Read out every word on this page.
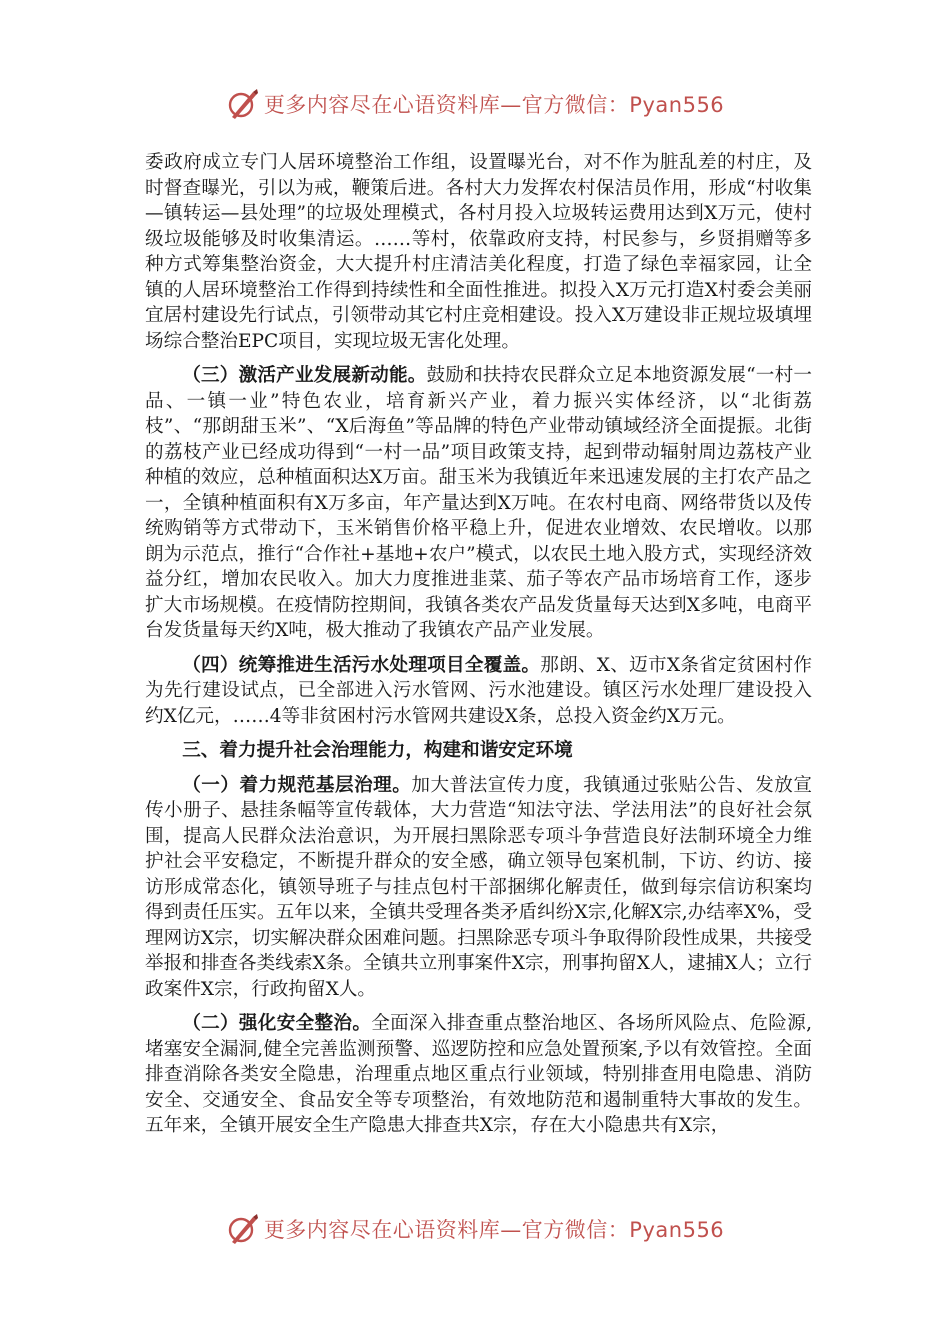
更多内容尽在心语资料库—官方微信：Pyan556

委政府成立专门人居环境整治工作组，设置曝光台，对不作为脏乱差的村庄，及时督查曝光，引以为戒，鞭策后进。各村大力发挥农村保洁员作用，形成“村收集—镇转运—县处理”的垃圾处理模式，各村月投入垃圾转运费用达到X万元，使村级垃圾能够及时收集清运。……等村，依靠政府支持，村民参与，乡贤捐赠等多种方式筹集整治资金，大大提升村庄清洁美化程度，打造了绿色幸福家园，让全镇的人居环境整治工作得到持续性和全面性推进。拟投入X万元打造X村委会美丽宜居村建设先行试点，引领带动其它村庄竞相建设。投入X万建设非正规垃圾填埋场综合整治EPC项目，实现垃圾无害化处理。

（三）激活产业发展新动能。鼓励和扶持农民群众立足本地资源发展“一村一品、一镇一业”特色农业，培育新兴产业，着力振兴实体经济，以“北街荔枝”、“那朗甜玉米”、“X后海鱼”等品牌的特色产业带动镇域经济全面提振。北街的荔枝产业已经成功得到“一村一品”项目政策支持，起到带动辐射周边荔枝产业种植的效应，总种植面积达X万亩。甜玉米为我镇近年来迅速发展的主打农产品之一，全镇种植面积有X万多亩，年产量达到X万吨。在农村电商、网络带货以及传统购销等方式带动下，玉米销售价格平稳上升，促进农业增效、农民增收。以那朗为示范点，推行“合作社+基地+农户”模式，以农民土地入股方式，实现经济效益分红，增加农民收入。加大力度推进韭菜、茄子等农产品市场培育工作，逐步扩大市场规模。在疫情防控期间，我镇各类农产品发货量每天达到X多吨，电商平台发货量每天约X吨，极大推动了我镇农产品产业发展。

（四）统筹推进生活污水处理项目全覆盖。那朗、X、迈市X条省定贫困村作为先行建设试点，已全部进入污水管网、污水池建设。镇区污水处理厂建设投入约X亿元，……4等非贫困村污水管网共建设X条，总投入资金约X万元。

三、着力提升社会治理能力，构建和谐安定环境

（一）着力规范基层治理。加大普法宣传力度，我镇通过张贴公告、发放宣传小册子、悬挂条幅等宣传载体，大力营造“知法守法、学法用法”的良好社会氛围，提高人民群众法治意识，为开展扫黑除恶专项斗争营造良好法制环境全力维护社会平安稳定，不断提升群众的安全感，确立领导包案机制，下访、约访、接访形成常态化，镇领导班子与挂点包村干部捆绑化解责任，做到每宗信访积案均得到责任压实。五年以来，全镇共受理各类矛盾纠纷X宗,化解X宗,办结率X%，受理网访X宗，切实解决群众困难问题。扫黑除恶专项斗争取得阶段性成果，共接受举报和排查各类线索X条。全镇共立刑事案件X宗，刑事拘留X人，逮捕X人；立行政案件X宗，行政拘留X人。

（二）强化安全整治。全面深入排查重点整治地区、各场所风险点、危险源,堵塞安全漏洞,健全完善监测预警、巡逻防控和应急处置预案,予以有效管控。全面排查消除各类安全隐患，治理重点地区重点行业领域，特别排查用电隐患、消防安全、交通安全、食品安全等专项整治，有效地防范和遏制重特大事故的发生。五年来，全镇开展安全生产隐患大排查共X宗，存在大小隐患共有X宗，

更多内容尽在心语资料库—官方微信：Pyan556
